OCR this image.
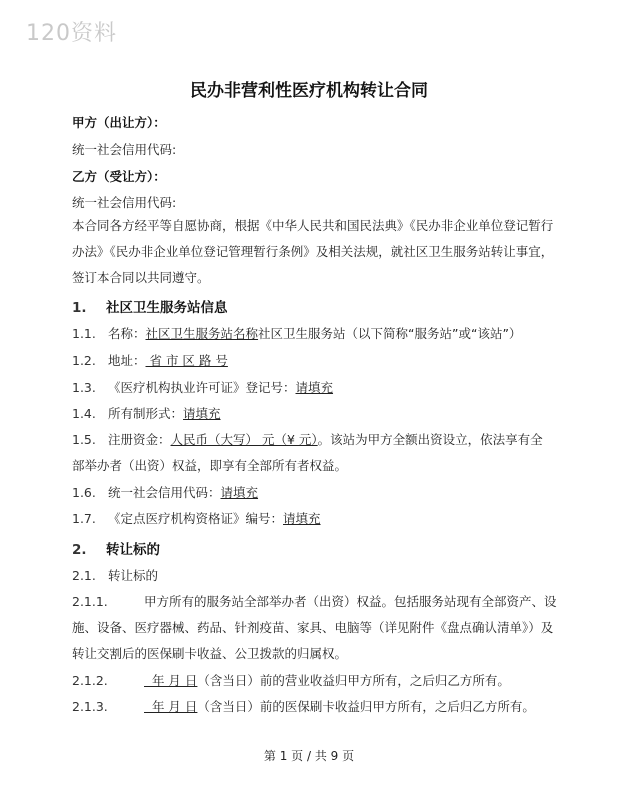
120资料
民办非营利性医疗机构转让合同
甲方（出让方）：
统一社会信用代码:
乙方（受让方）：
统一社会信用代码:
本合同各方经平等自愿协商，根据《中华人民共和国民法典》《民办非企业单位登记暂行
办法》《民办非企业单位登记管理暂行条例》及相关法规，就社区卫生服务站转让事宜，
签订本合同以共同遵守。
1. 社区卫生服务站信息
1.1. 名称：社区卫生服务站名称社区卫生服务站（以下简称“服务站”或“该站”）
1.2. 地址： 省 市 区 路 号
1.3. 《医疗机构执业许可证》登记号：请填充
1.4. 所有制形式：请填充
1.5. 注册资金：人民币（大写） 元（¥ 元）。该站为甲方全额出资设立，依法享有全
部举办者（出资）权益，即享有全部所有者权益。
1.6. 统一社会信用代码：请填充
1.7. 《定点医疗机构资格证》编号：请填充
2. 转让标的
2.1. 转让标的
2.1.1.	甲方所有的服务站全部举办者（出资）权益。包括服务站现有全部资产、设
施、设备、医疗器械、药品、针剂疫苗、家具、电脑等（详见附件《盘点确认清单》）及
转让交割后的医保刷卡收益、公卫拨款的归属权。
2.1.2.	年 月 日（含当日）前的营业收益归甲方所有，之后归乙方所有。
2.1.3.	年 月 日（含当日）前的医保刷卡收益归甲方所有，之后归乙方所有。
第 1 页 / 共 9 页
